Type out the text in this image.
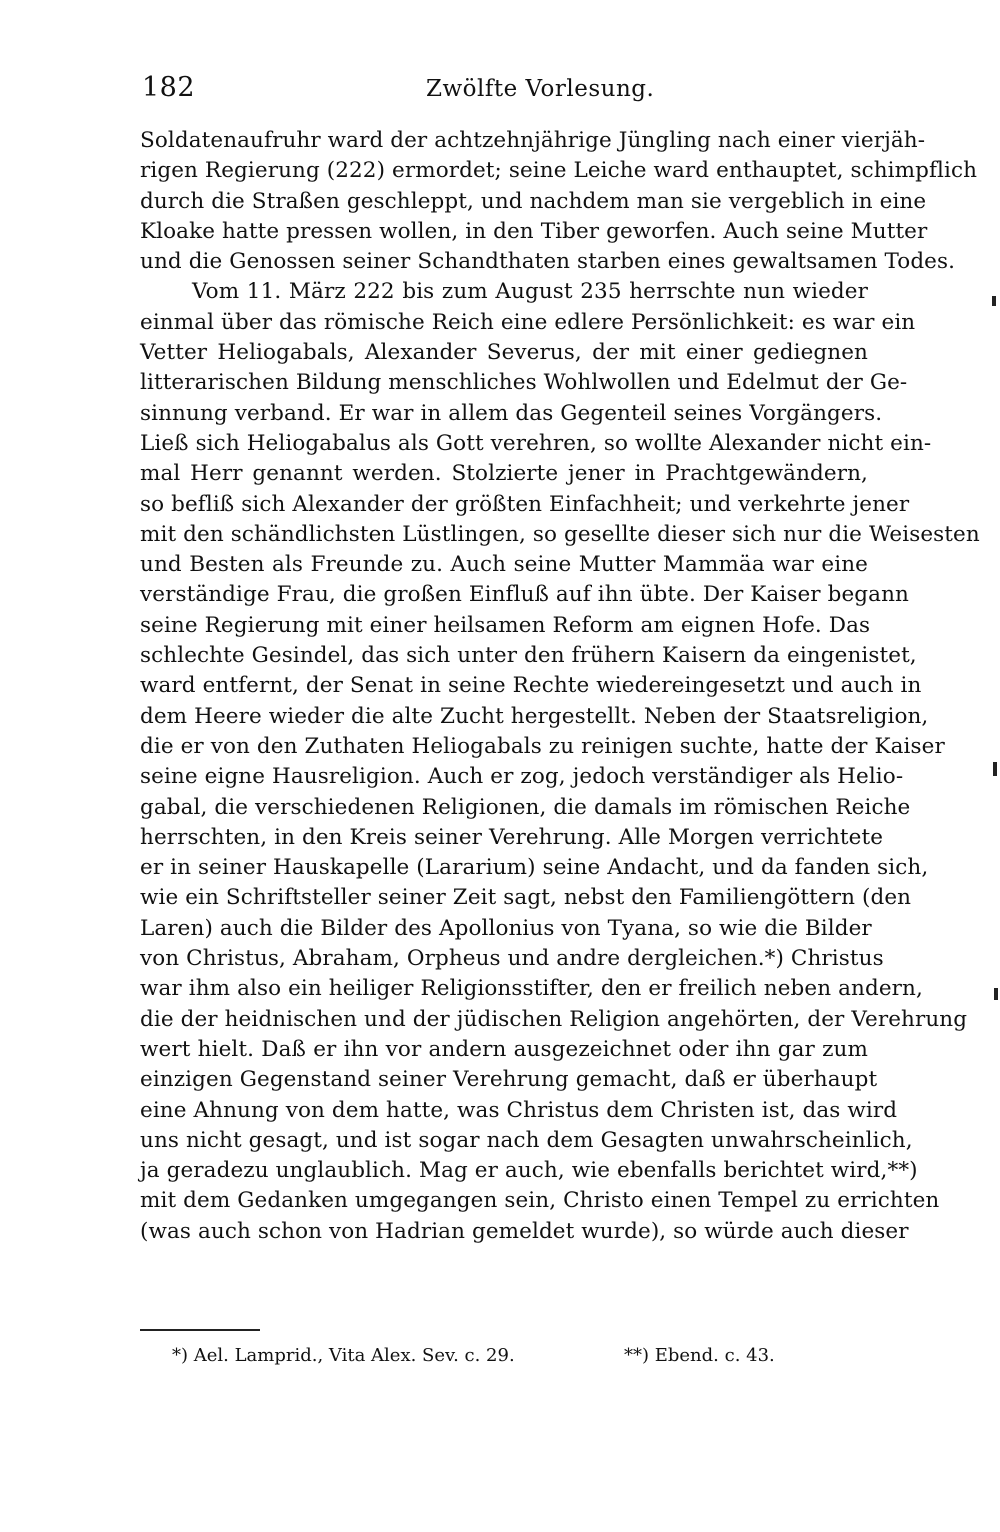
182	Zwölfte Vorlesung.
Soldatenaufruhr ward der achtzehnjährige Jüngling nach einer vierjäh-
rigen Regierung (222) ermordet; seine Leiche ward enthauptet, schimpflich
durch die Straßen geschleppt, und nachdem man sie vergeblich in eine
Kloake hatte pressen wollen, in den Tiber geworfen. Auch seine Mutter
und die Genossen seiner Schandthaten starben eines gewaltsamen Todes.
Vom 11. März 222 bis zum August 235 herrschte nun wieder
einmal über das römische Reich eine edlere Persönlichkeit: es war ein
Vetter Heliogabals, Alexander Severus, der mit einer gediegnen
litterarischen Bildung menschliches Wohlwollen und Edelmut der Ge-
sinnung verband. Er war in allem das Gegenteil seines Vorgängers.
Ließ sich Heliogabalus als Gott verehren, so wollte Alexander nicht ein-
mal Herr genannt werden. Stolzierte jener in Prachtgewändern,
so befliß sich Alexander der größten Einfachheit; und verkehrte jener
mit den schändlichsten Lüstlingen, so gesellte dieser sich nur die Weisesten
und Besten als Freunde zu. Auch seine Mutter Mammäa war eine
verständige Frau, die großen Einfluß auf ihn übte. Der Kaiser begann
seine Regierung mit einer heilsamen Reform am eignen Hofe. Das
schlechte Gesindel, das sich unter den frühern Kaisern da eingenistet,
ward entfernt, der Senat in seine Rechte wiedereingesetzt und auch in
dem Heere wieder die alte Zucht hergestellt. Neben der Staatsreligion,
die er von den Zuthaten Heliogabals zu reinigen suchte, hatte der Kaiser
seine eigne Hausreligion. Auch er zog, jedoch verständiger als Helio-
gabal, die verschiedenen Religionen, die damals im römischen Reiche
herrschten, in den Kreis seiner Verehrung. Alle Morgen verrichtete
er in seiner Hauskapelle (Lararium) seine Andacht, und da fanden sich,
wie ein Schriftsteller seiner Zeit sagt, nebst den Familiengöttern (den
Laren) auch die Bilder des Apollonius von Tyana, so wie die Bilder
von Christus, Abraham, Orpheus und andre dergleichen.*) Christus
war ihm also ein heiliger Religionsstifter, den er freilich neben andern,
die der heidnischen und der jüdischen Religion angehörten, der Verehrung
wert hielt. Daß er ihn vor andern ausgezeichnet oder ihn gar zum
einzigen Gegenstand seiner Verehrung gemacht, daß er überhaupt
eine Ahnung von dem hatte, was Christus dem Christen ist, das wird
uns nicht gesagt, und ist sogar nach dem Gesagten unwahrscheinlich,
ja geradezu unglaublich. Mag er auch, wie ebenfalls berichtet wird,**)
mit dem Gedanken umgegangen sein, Christo einen Tempel zu errichten
(was auch schon von Hadrian gemeldet wurde), so würde auch dieser
*) Ael. Lamprid., Vita Alex. Sev. c. 29.	**) Ebend. c. 43.
